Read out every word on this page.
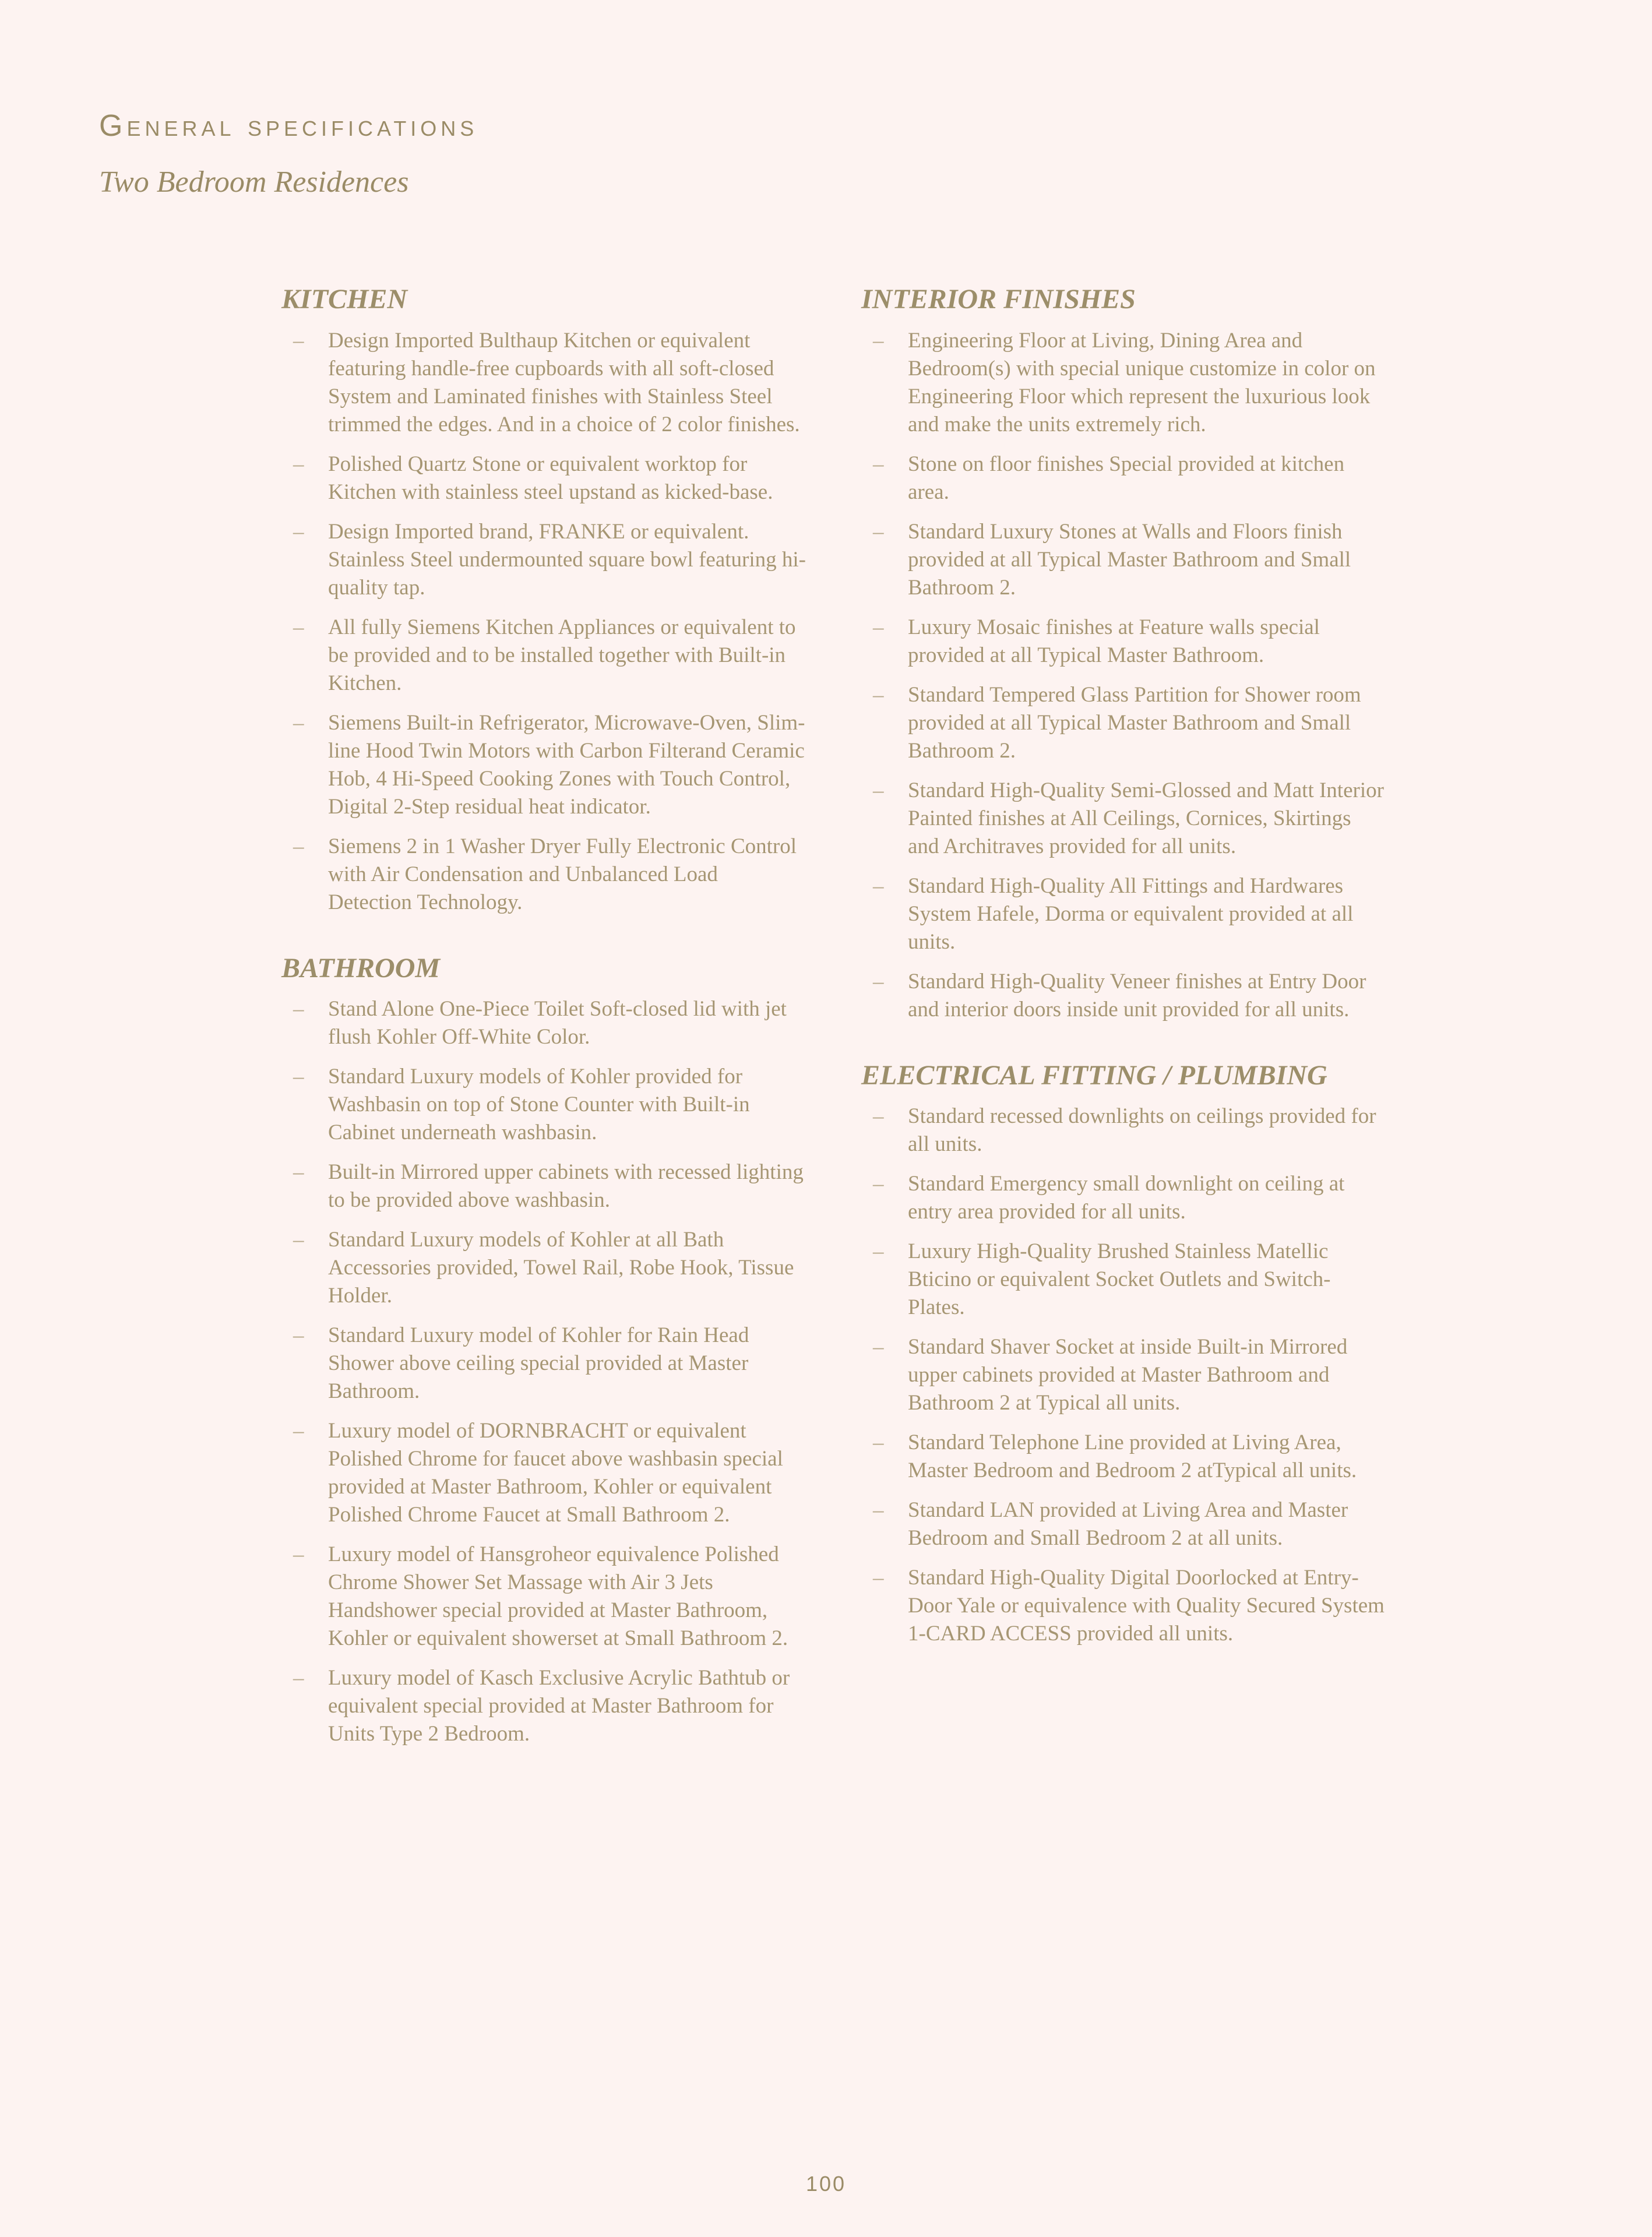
General specifications
Two Bedroom Residences
KITCHEN
– Design Imported Bulthaup Kitchen or equivalent featuring handle-free cupboards with all soft-closed System and Laminated finishes with Stainless Steel trimmed the edges. And in a choice of 2 color finishes.
– Polished Quartz Stone or equivalent worktop for Kitchen with stainless steel upstand as kicked-base.
– Design Imported brand, FRANKE or equivalent. Stainless Steel undermounted square bowl featuring hi-quality tap.
– All fully Siemens Kitchen Appliances or equivalent to be provided and to be installed together with Built-in Kitchen.
– Siemens Built-in Refrigerator, Microwave-Oven, Slim-line Hood Twin Motors with Carbon Filterand Ceramic Hob, 4 Hi-Speed Cooking Zones with Touch Control, Digital 2-Step residual heat indicator.
– Siemens 2 in 1 Washer Dryer Fully Electronic Control with Air Condensation and Unbalanced Load Detection Technology.
BATHROOM
– Stand Alone One-Piece Toilet Soft-closed lid with jet flush Kohler Off-White Color.
– Standard Luxury models of Kohler provided for Washbasin on top of Stone Counter with Built-in Cabinet underneath washbasin.
– Built-in Mirrored upper cabinets with recessed lighting to be provided above washbasin.
– Standard Luxury models of Kohler at all Bath Accessories provided, Towel Rail, Robe Hook, Tissue Holder.
– Standard Luxury model of Kohler for Rain Head Shower above ceiling special provided at Master Bathroom.
– Luxury model of DORNBRACHT or equivalent Polished Chrome for faucet above washbasin special provided at Master Bathroom, Kohler or equivalent Polished Chrome Faucet at Small Bathroom 2.
– Luxury model of Hansgroheor equivalence Polished Chrome Shower Set Massage with Air 3 Jets Handshower special provided at Master Bathroom, Kohler or equivalent showerset at Small Bathroom 2.
– Luxury model of Kasch Exclusive Acrylic Bathtub or equivalent special provided at Master Bathroom for Units Type 2 Bedroom.
INTERIOR FINISHES
– Engineering Floor at Living, Dining Area and Bedroom(s) with special unique customize in color on Engineering Floor which represent the luxurious look and make the units extremely rich.
– Stone on floor finishes Special provided at kitchen area.
– Standard Luxury Stones at Walls and Floors finish provided at all Typical Master Bathroom and Small Bathroom 2.
– Luxury Mosaic finishes at Feature walls special provided at all Typical Master Bathroom.
– Standard Tempered Glass Partition for Shower room provided at all Typical Master Bathroom and Small Bathroom 2.
– Standard High-Quality Semi-Glossed and Matt Interior Painted finishes at All Ceilings, Cornices, Skirtings and Architraves provided for all units.
– Standard High-Quality All Fittings and Hardwares System Hafele, Dorma or equivalent provided at all units.
– Standard High-Quality Veneer finishes at Entry Door and interior doors inside unit provided for all units.
ELECTRICAL FITTING / PLUMBING
– Standard recessed downlights on ceilings provided for all units.
– Standard Emergency small downlight on ceiling at entry area provided for all units.
– Luxury High-Quality Brushed Stainless Matellic Bticino or equivalent Socket Outlets and Switch-Plates.
– Standard Shaver Socket at inside Built-in Mirrored upper cabinets provided at Master Bathroom and Bathroom 2 at Typical all units.
– Standard Telephone Line provided at Living Area, Master Bedroom and Bedroom 2 atTypical all units.
– Standard LAN provided at Living Area and Master Bedroom and Small Bedroom 2 at all units.
– Standard High-Quality Digital Doorlocked at Entry-Door Yale or equivalence with Quality Secured System 1-CARD ACCESS provided all units.
100
